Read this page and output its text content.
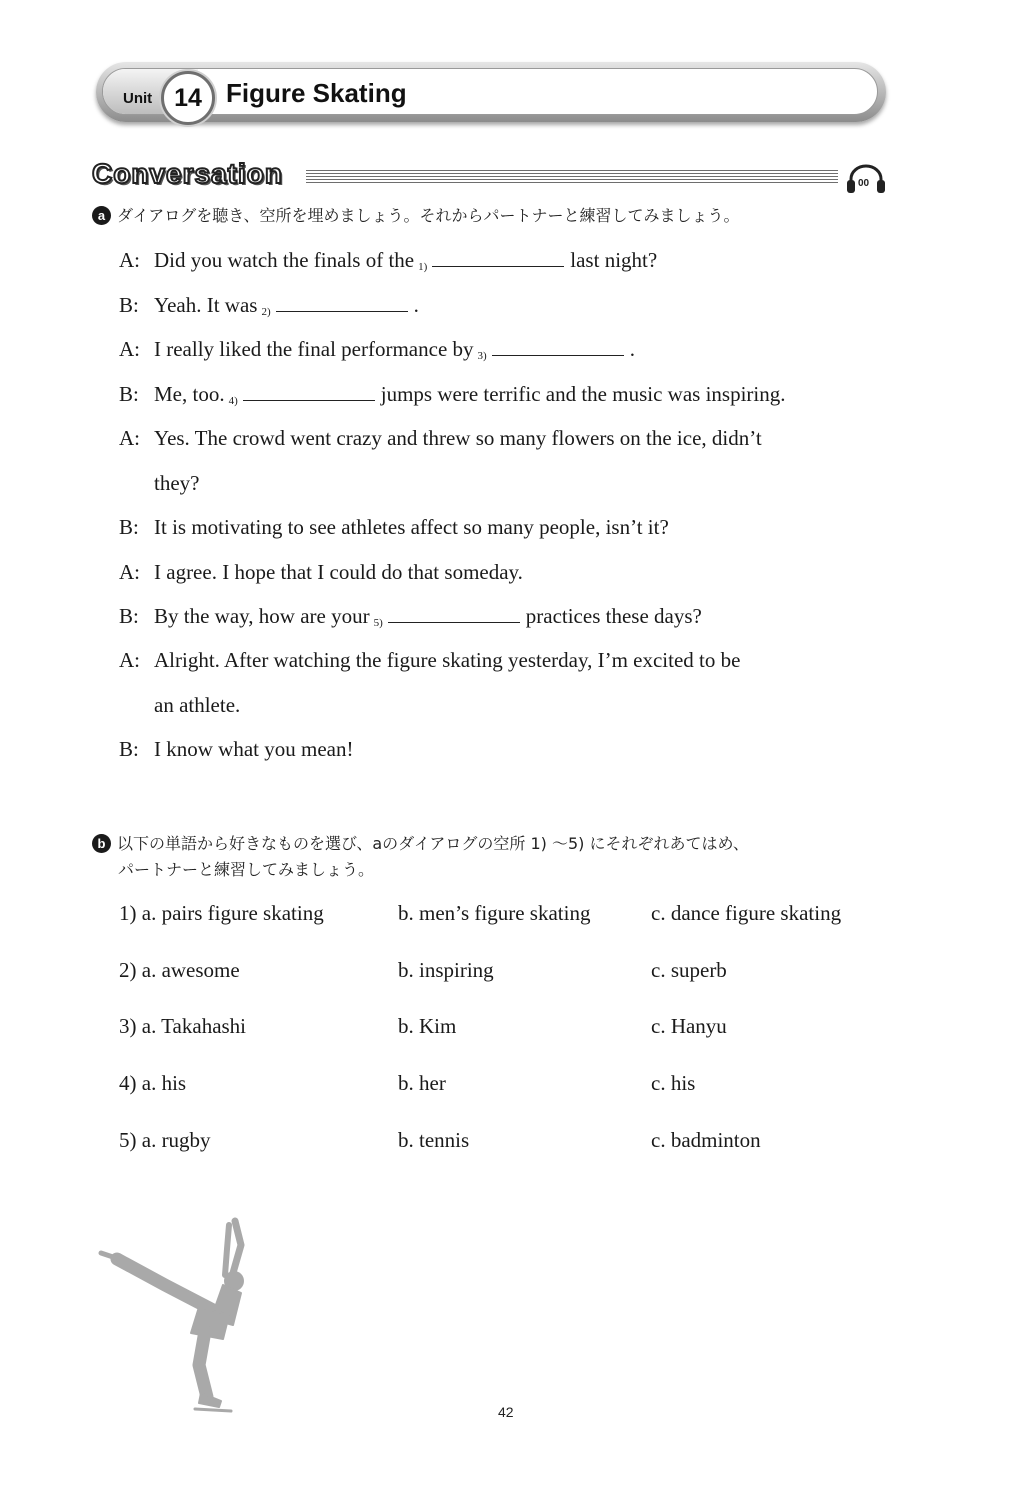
Unit 14 Figure Skating
Conversation	00
a ダイアログを聴き、空所を埋めましょう。それからパートナーと練習してみましょう。
A: Did you watch the finals of the 1)	last night?
B: Yeah. It was 2)	.
A: I really liked the final performance by 3)	.
B: Me, too. 4)	jumps were terrific and the music was inspiring.
A: Yes. The crowd went crazy and threw so many flowers on the ice, didn’t
they?
B: It is motivating to see athletes affect so many people, isn’t it?
A: I agree. I hope that I could do that someday.
B: By the way, how are your 5)	practices these days?
A: Alright. After watching the figure skating yesterday, I’m excited to be
an athlete.
B: I know what you mean!
b 以下の単語から好きなものを選び、aのダイアログの空所 1) ～5) にそれぞれあてはめ、
パートナーと練習してみましょう。
1) a. pairs figure skating	b. men’s figure skating	c. dance figure skating
2) a. awesome	b. inspiring	c. superb
3) a. Takahashi	b. Kim	c. Hanyu
4) a. his	b. her	c. his
5) a. rugby	b. tennis	c. badminton
42
